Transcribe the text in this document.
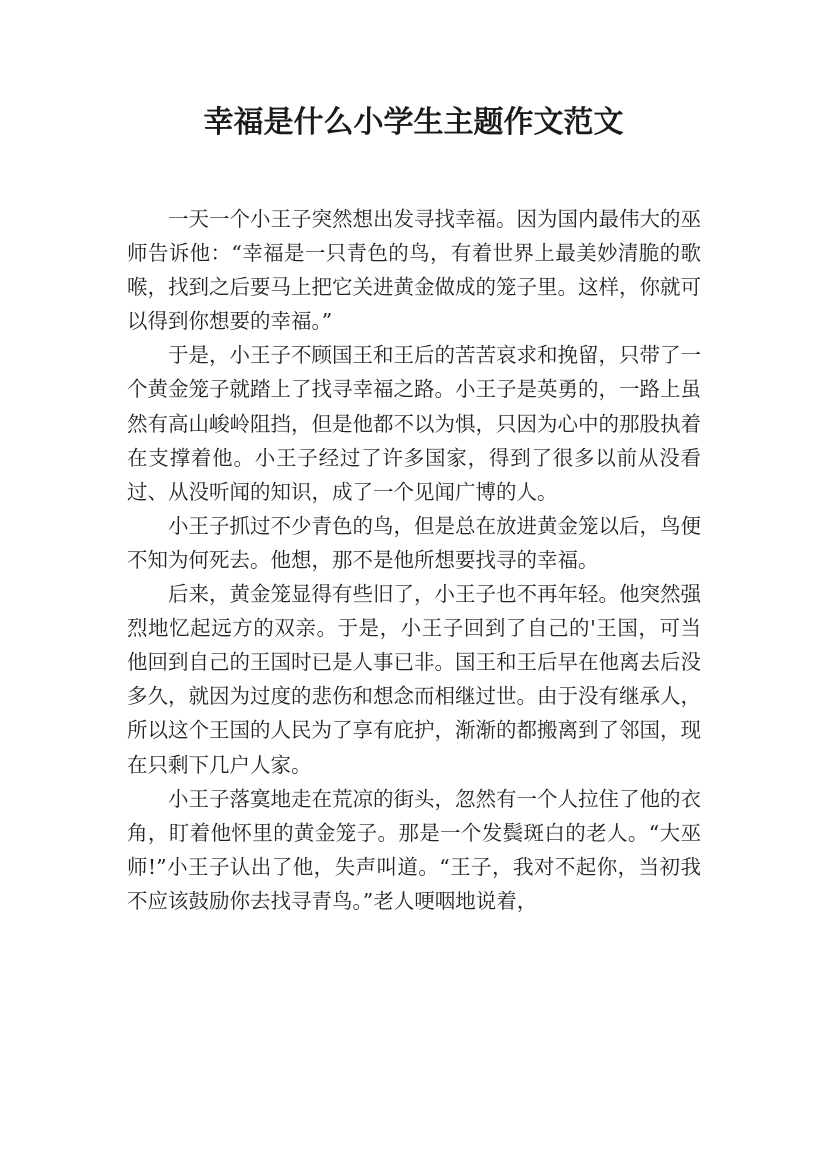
幸福是什么小学生主题作文范文

一天一个小王子突然想出发寻找幸福。因为国内最伟大的巫师告诉他：“幸福是一只青色的鸟，有着世界上最美妙清脆的歌喉，找到之后要马上把它关进黄金做成的笼子里。这样，你就可以得到你想要的幸福。”

于是，小王子不顾国王和王后的苦苦哀求和挽留，只带了一个黄金笼子就踏上了找寻幸福之路。小王子是英勇的，一路上虽然有高山峻岭阻挡，但是他都不以为惧，只因为心中的那股执着在支撑着他。小王子经过了许多国家，得到了很多以前从没看过、从没听闻的知识，成了一个见闻广博的人。

小王子抓过不少青色的鸟，但是总在放进黄金笼以后，鸟便不知为何死去。他想，那不是他所想要找寻的幸福。

后来，黄金笼显得有些旧了，小王子也不再年轻。他突然强烈地忆起远方的双亲。于是，小王子回到了自己的'王国，可当他回到自己的王国时已是人事已非。国王和王后早在他离去后没多久，就因为过度的悲伤和想念而相继过世。由于没有继承人，所以这个王国的人民为了享有庇护，渐渐的都搬离到了邻国，现在只剩下几户人家。

小王子落寞地走在荒凉的街头，忽然有一个人拉住了他的衣角，盯着他怀里的黄金笼子。那是一个发鬓斑白的老人。“大巫师!”小王子认出了他，失声叫道。“王子，我对不起你，当初我不应该鼓励你去找寻青鸟。”老人哽咽地说着，
